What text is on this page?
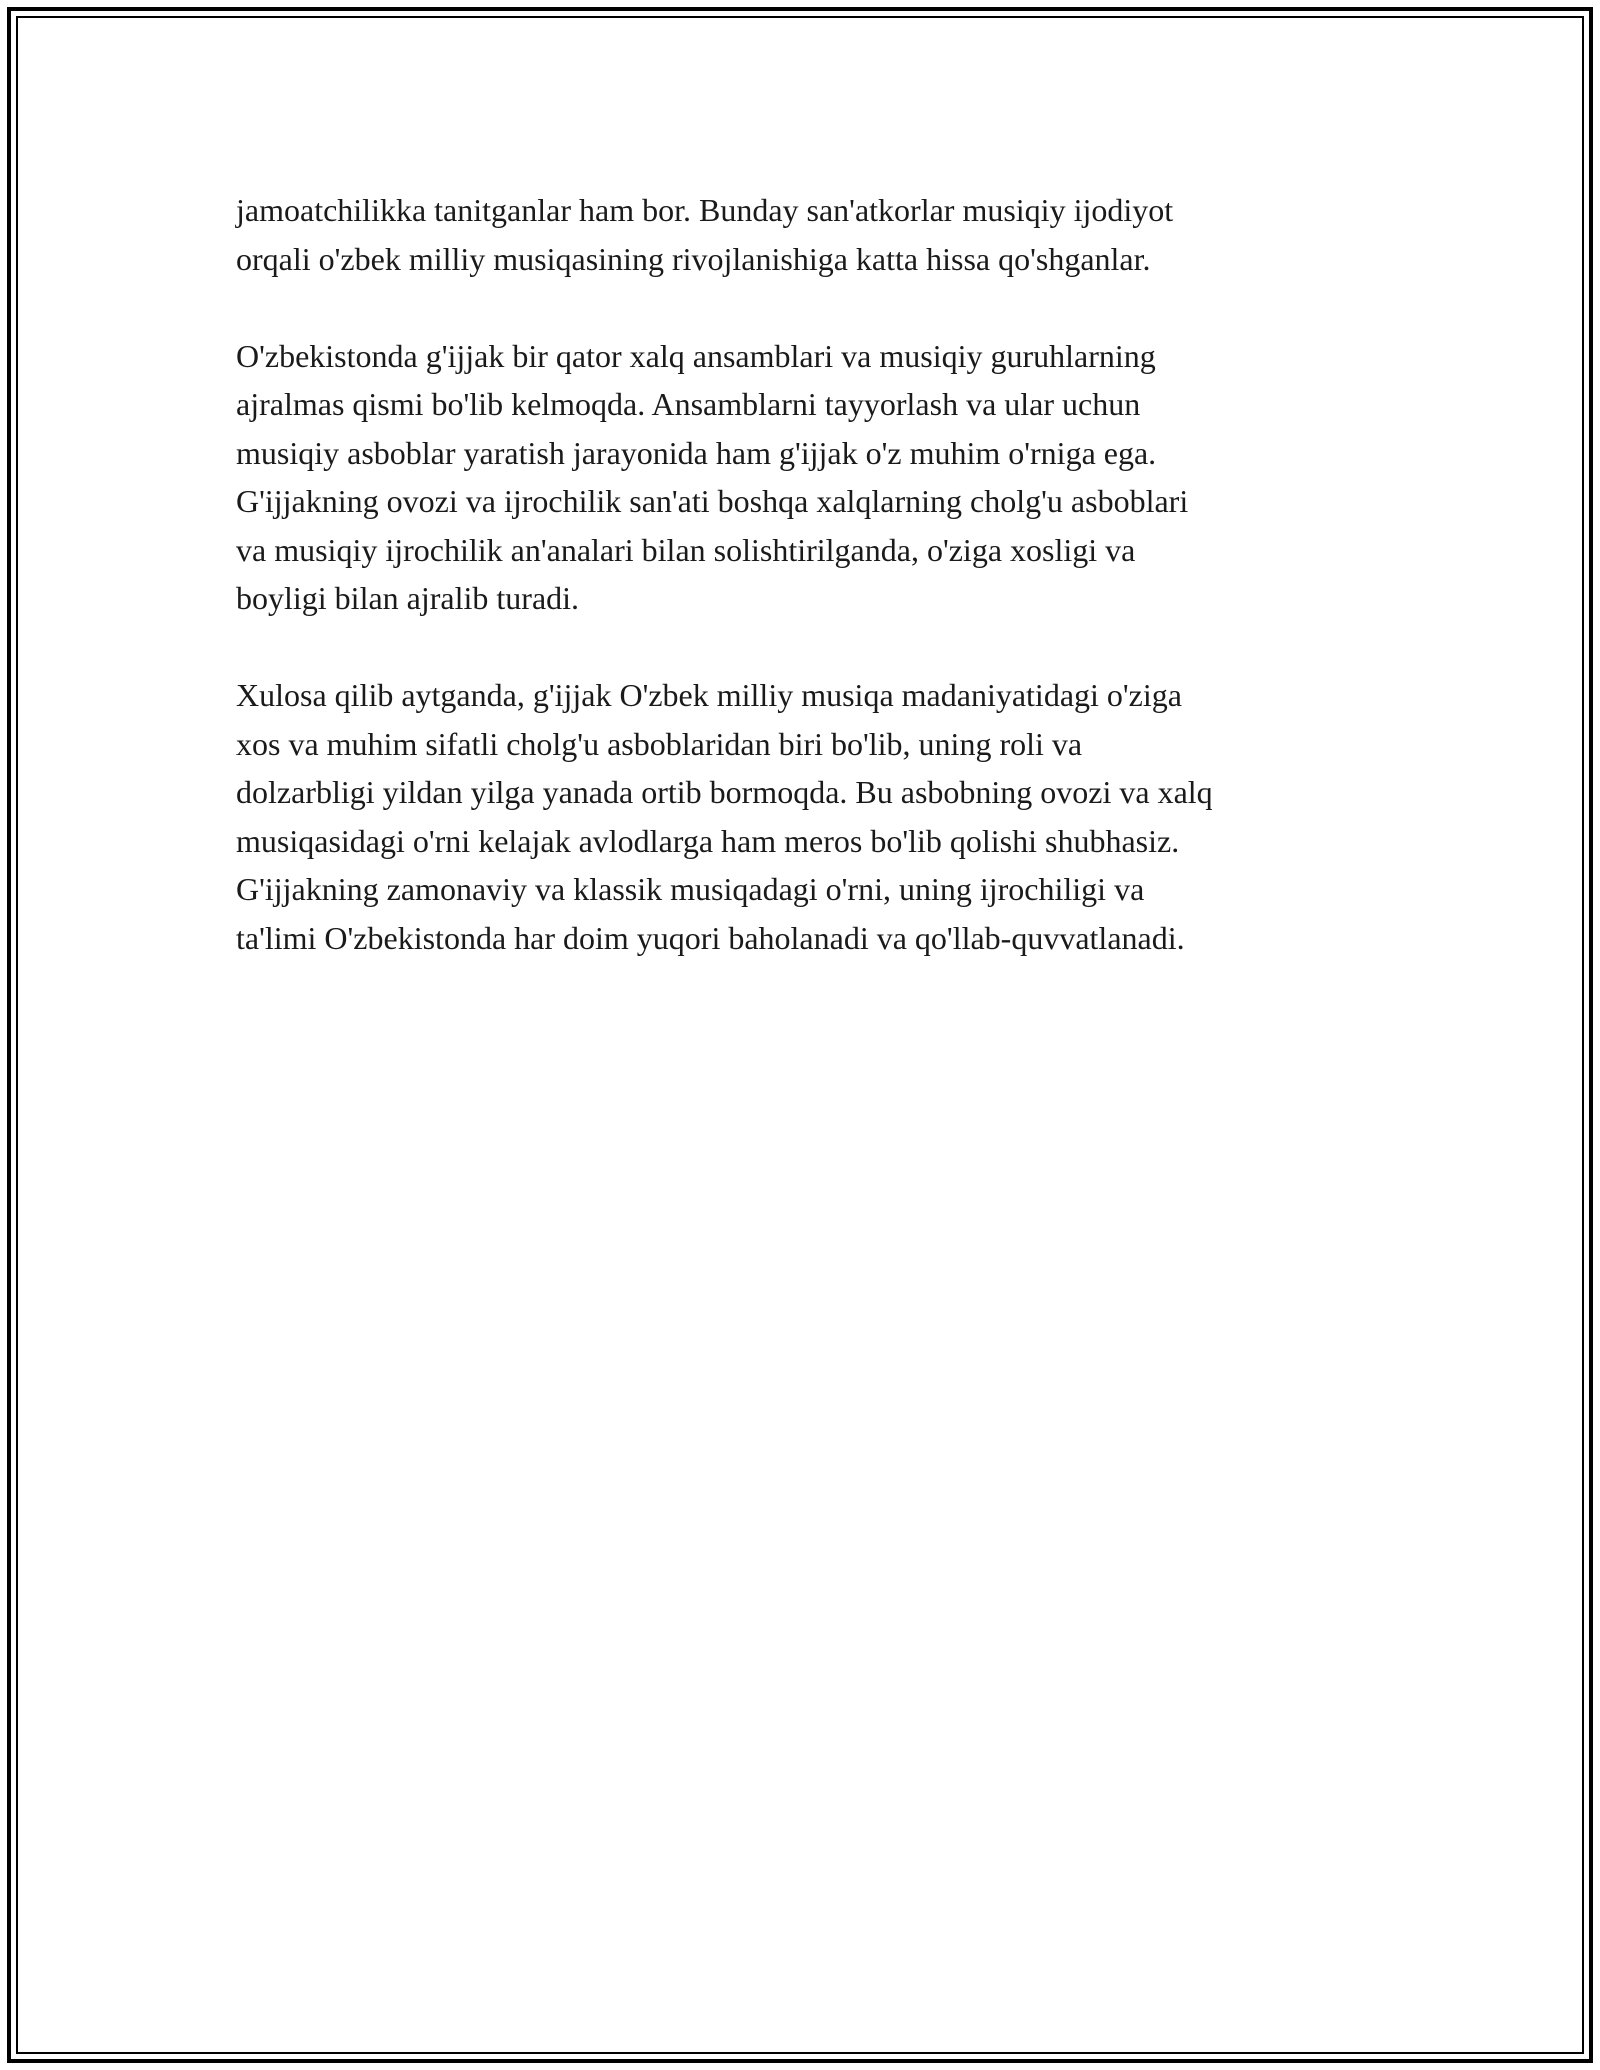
jamoatchilikka tanitganlar ham bor. Bunday san'atkorlar musiqiy ijodiyot
orqali o'zbek milliy musiqasining rivojlanishiga katta hissa qo'shganlar.

O'zbekistonda g'ijjak bir qator xalq ansamblari va musiqiy guruhlarning
ajralmas qismi bo'lib kelmoqda. Ansamblarni tayyorlash va ular uchun
musiqiy asboblar yaratish jarayonida ham g'ijjak o'z muhim o'rniga ega.
G'ijjakning ovozi va ijrochilik san'ati boshqa xalqlarning cholg'u asboblari
va musiqiy ijrochilik an'analari bilan solishtirilganda, o'ziga xosligi va
boyligi bilan ajralib turadi.

Xulosa qilib aytganda, g'ijjak O'zbek milliy musiqa madaniyatidagi o'ziga
xos va muhim sifatli cholg'u asboblaridan biri bo'lib, uning roli va
dolzarbligi yildan yilga yanada ortib bormoqda. Bu asbobning ovozi va xalq
musiqasidagi o'rni kelajak avlodlarga ham meros bo'lib qolishi shubhasiz.
G'ijjakning zamonaviy va klassik musiqadagi o'rni, uning ijrochiligi va
ta'limi O'zbekistonda har doim yuqori baholanadi va qo'llab-quvvatlanadi.
